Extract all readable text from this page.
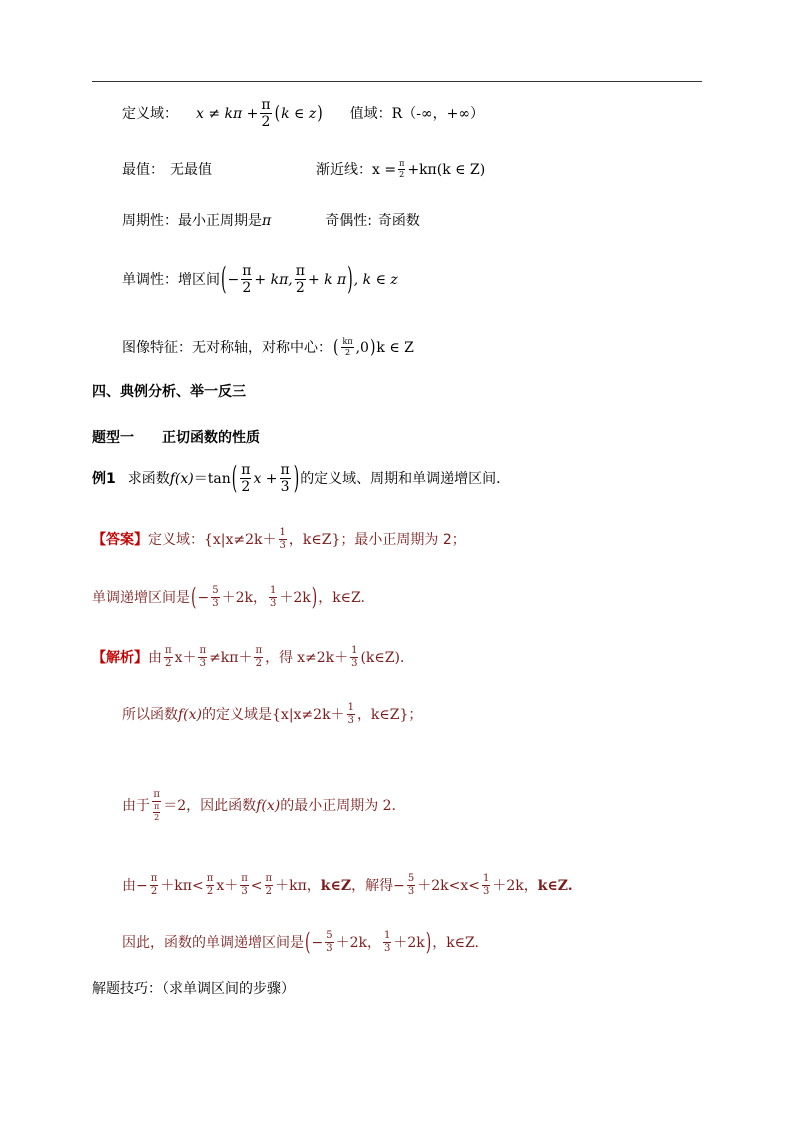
定义域： $x \ne k\pi + \frac{\pi}{2}$ ( k ∈ z ) 值域： R（-∞，+∞）
最值： 无最值	渐近线： $x = \frac{\pi}{2} +k\pi(k$ ∈ Z)
周期性：最小正周期是 π	奇偶性: 奇函数
单调性：增区间 ( − $\frac{\pi}{2} + k\pi$, $\frac{\pi}{2} + k$ π ) , k ∈ z
图像特征：无对称轴，对称中心： ( $\frac{k\pi}{2} ,0$ ) k ∈ Z
四、典例分析、举一反三
题型一 正切函数的性质
例1 求函数 f(x) ＝tan ( $\frac{\pi}{2}$ $x + \frac{\pi}{3}$ ) 的定义域、周期和单调递增区间．
【答案】 定义域： {$x|x\ne 2k+ \frac{1}{3}$ ，k∈Z} ；最小正周期为 2；
单调递增区间是 ( − $\frac{5}{3} +2k$， $\frac{1}{3} +2k$ ) ，k∈Z.
【解析】 由 $\frac{\pi}{2} x+ \frac{\pi}{3} \ne k\pi+ \frac{\pi}{2}$ ，得 $x\ne 2k+ \frac{1}{3}$ (k∈Z)．
所以函数 f(x) 的定义域是 {$x|x\ne 2k+ \frac{1}{3}$ ，k∈Z}；
由于 $\frac{\pi}{\frac{\pi}{2}} =2$，因此函数 f(x) 的最小正周期为 2.
由− $\frac{\pi}{2} +k\pi< \frac{\pi}{2} x+ \frac{\pi}{3} < \frac{\pi}{2} +k\pi$， k∈Z ，解得− $\frac{5}{3} +2k<x< \frac{1}{3} +2k$， k∈Z.
因此，函数的单调递增区间是 ( − $\frac{5}{3} +2k$， $\frac{1}{3} +2k$ ) ，k∈Z.
解题技巧：（求单调区间的步骤）
